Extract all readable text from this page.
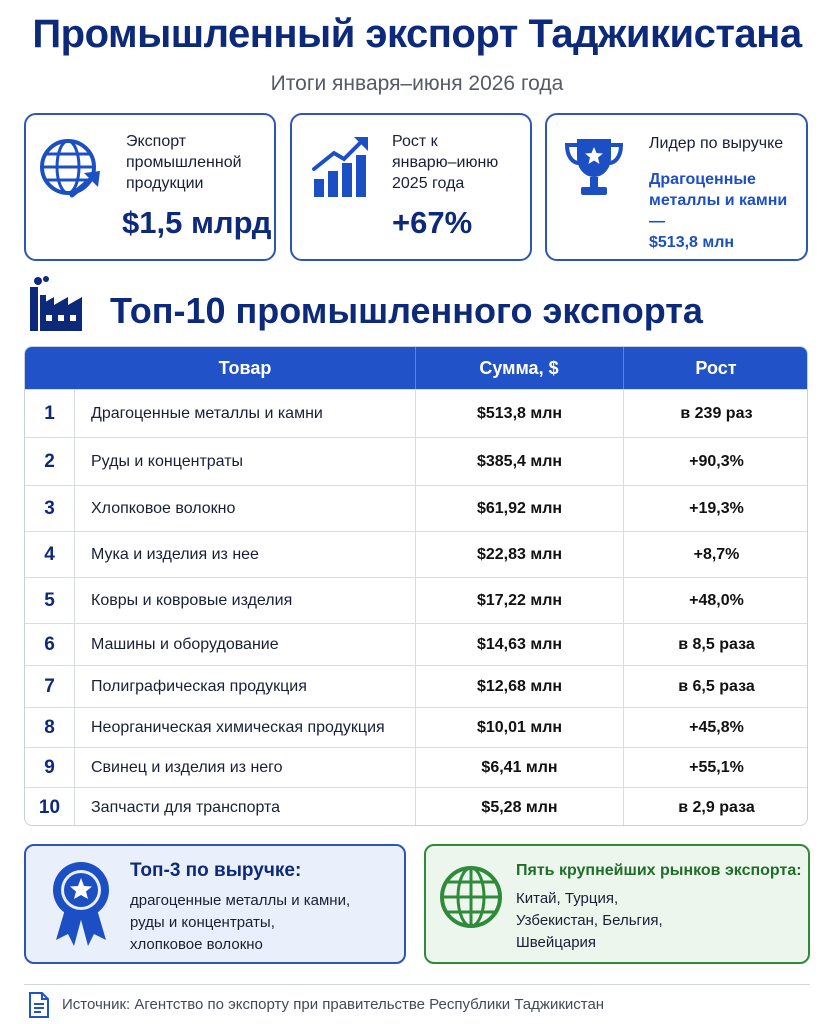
Промышленный экспорт Таджикистана
Итоги января–июня 2026 года
Экспорт
промышленной
продукции
$1,5 млрд
Рост к
январю–июню
2025 года
+67%
Лидер по выручке
Драгоценные
металлы и камни —
$513,8 млн
Топ-10 промышленного экспорта
Товар	Сумма, $	Рост
1	Драгоценные металлы и камни	$513,8 млн	в 239 раз
2	Руды и концентраты	$385,4 млн	+90,3%
3	Хлопковое волокно	$61,92 млн	+19,3%
4	Мука и изделия из нее	$22,83 млн	+8,7%
5	Ковры и ковровые изделия	$17,22 млн	+48,0%
6	Машины и оборудование	$14,63 млн	в 8,5 раза
7	Полиграфическая продукция	$12,68 млн	в 6,5 раза
8	Неорганическая химическая продукция	$10,01 млн	+45,8%
9	Свинец и изделия из него	$6,41 млн	+55,1%
10	Запчасти для транспорта	$5,28 млн	в 2,9 раза
Топ-3 по выручке:
драгоценные металлы и камни,
руды и концентраты,
хлопковое волокно
Пять крупнейших рынков экспорта:
Китай, Турция,
Узбекистан, Бельгия,
Швейцария
Источник: Агентство по экспорту при правительстве Республики Таджикистан
